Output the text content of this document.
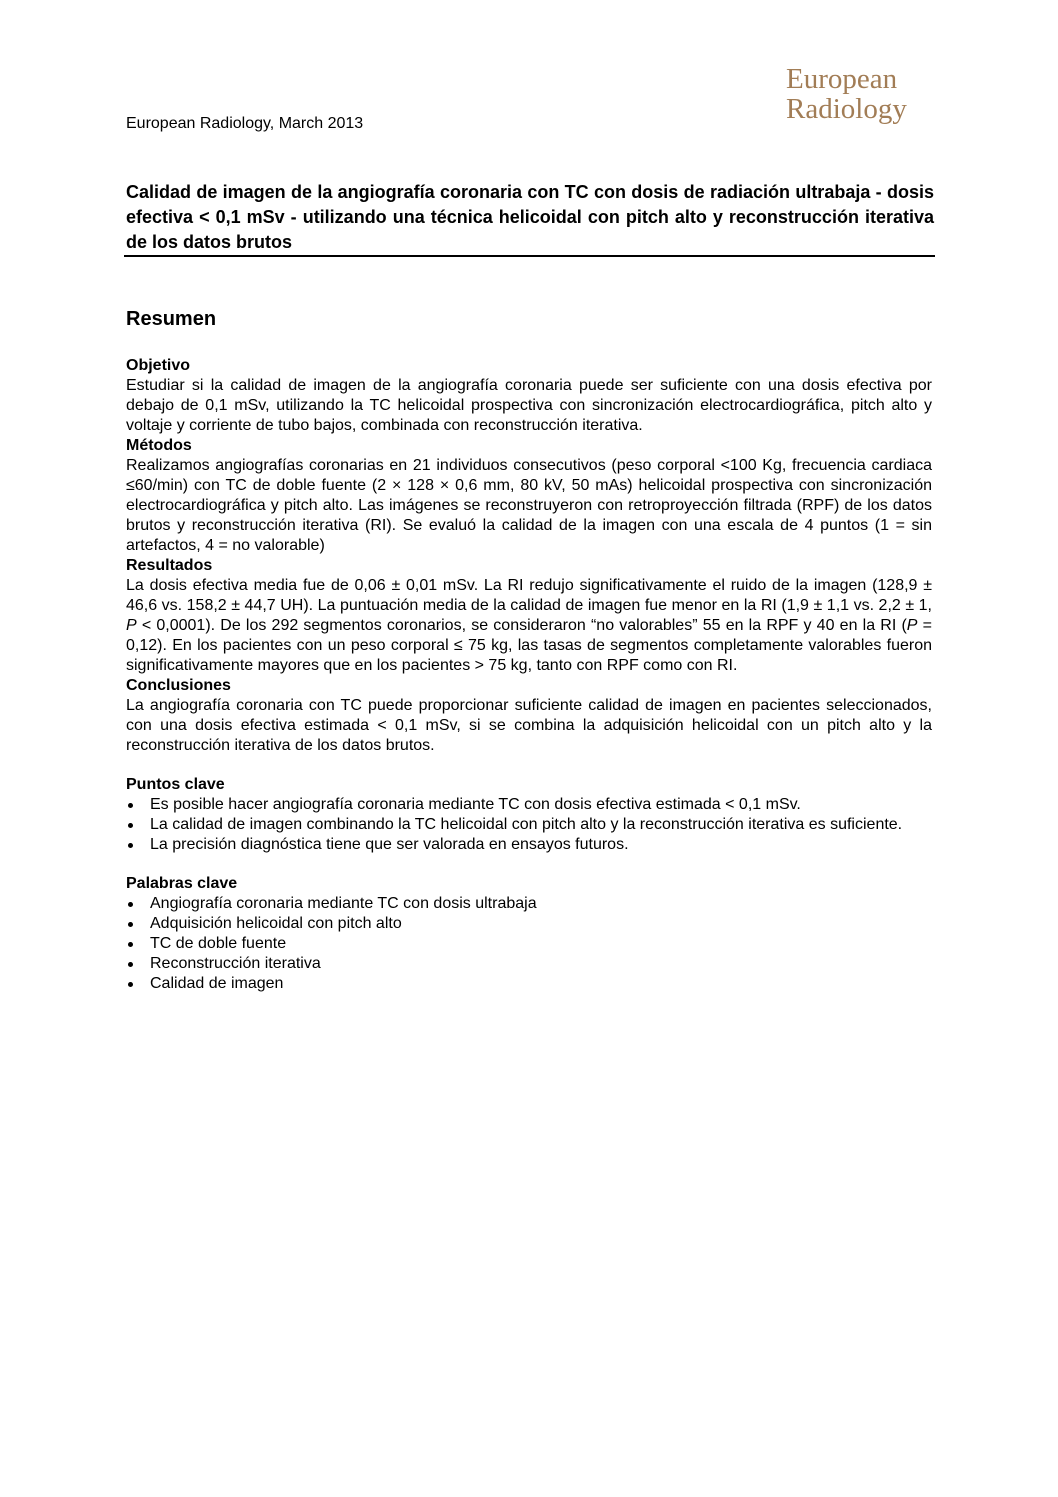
European
Radiology
European Radiology, March 2013
Calidad de imagen de la angiografía coronaria con TC con dosis de radiación ultrabaja - dosis efectiva < 0,1 mSv - utilizando una técnica helicoidal con pitch alto y reconstrucción iterativa de los datos brutos
Resumen

Objetivo

Estudiar si la calidad de imagen de la angiografía coronaria puede ser suficiente con una dosis efectiva por debajo de 0,1 mSv, utilizando la TC helicoidal prospectiva con sincronización electrocardiográfica, pitch alto y voltaje y corriente de tubo bajos, combinada con reconstrucción iterativa.

Métodos

Realizamos angiografías coronarias en 21 individuos consecutivos (peso corporal <100 Kg, frecuencia cardiaca ≤60/min) con TC de doble fuente (2 × 128 × 0,6 mm, 80 kV, 50 mAs) helicoidal prospectiva con sincronización electrocardiográfica y pitch alto. Las imágenes se reconstruyeron con retroproyección filtrada (RPF) de los datos brutos y reconstrucción iterativa (RI). Se evaluó la calidad de la imagen con una escala de 4 puntos (1 = sin artefactos, 4 = no valorable)

Resultados

La dosis efectiva media fue de 0,06 ± 0,01 mSv. La RI redujo significativamente el ruido de la imagen (128,9 ± 46,6 vs. 158,2 ± 44,7 UH). La puntuación media de la calidad de imagen fue menor en la RI (1,9 ± 1,1 vs. 2,2 ± 1, P < 0,0001). De los 292 segmentos coronarios, se consideraron “no valorables” 55 en la RPF y 40 en la RI (P = 0,12). En los pacientes con un peso corporal ≤ 75 kg, las tasas de segmentos completamente valorables fueron significativamente mayores que en los pacientes > 75 kg, tanto con RPF como con RI.

Conclusiones

La angiografía coronaria con TC puede proporcionar suficiente calidad de imagen en pacientes seleccionados, con una dosis efectiva estimada < 0,1 mSv, si se combina la adquisición helicoidal con un pitch alto y la reconstrucción iterativa de los datos brutos.

Puntos clave

Es posible hacer angiografía coronaria mediante TC con dosis efectiva estimada < 0,1 mSv.
La calidad de imagen combinando la TC helicoidal con pitch alto y la reconstrucción iterativa es suficiente.
La precisión diagnóstica tiene que ser valorada en ensayos futuros.

Palabras clave

Angiografía coronaria mediante TC con dosis ultrabaja
Adquisición helicoidal con pitch alto
TC de doble fuente
Reconstrucción iterativa
Calidad de imagen
